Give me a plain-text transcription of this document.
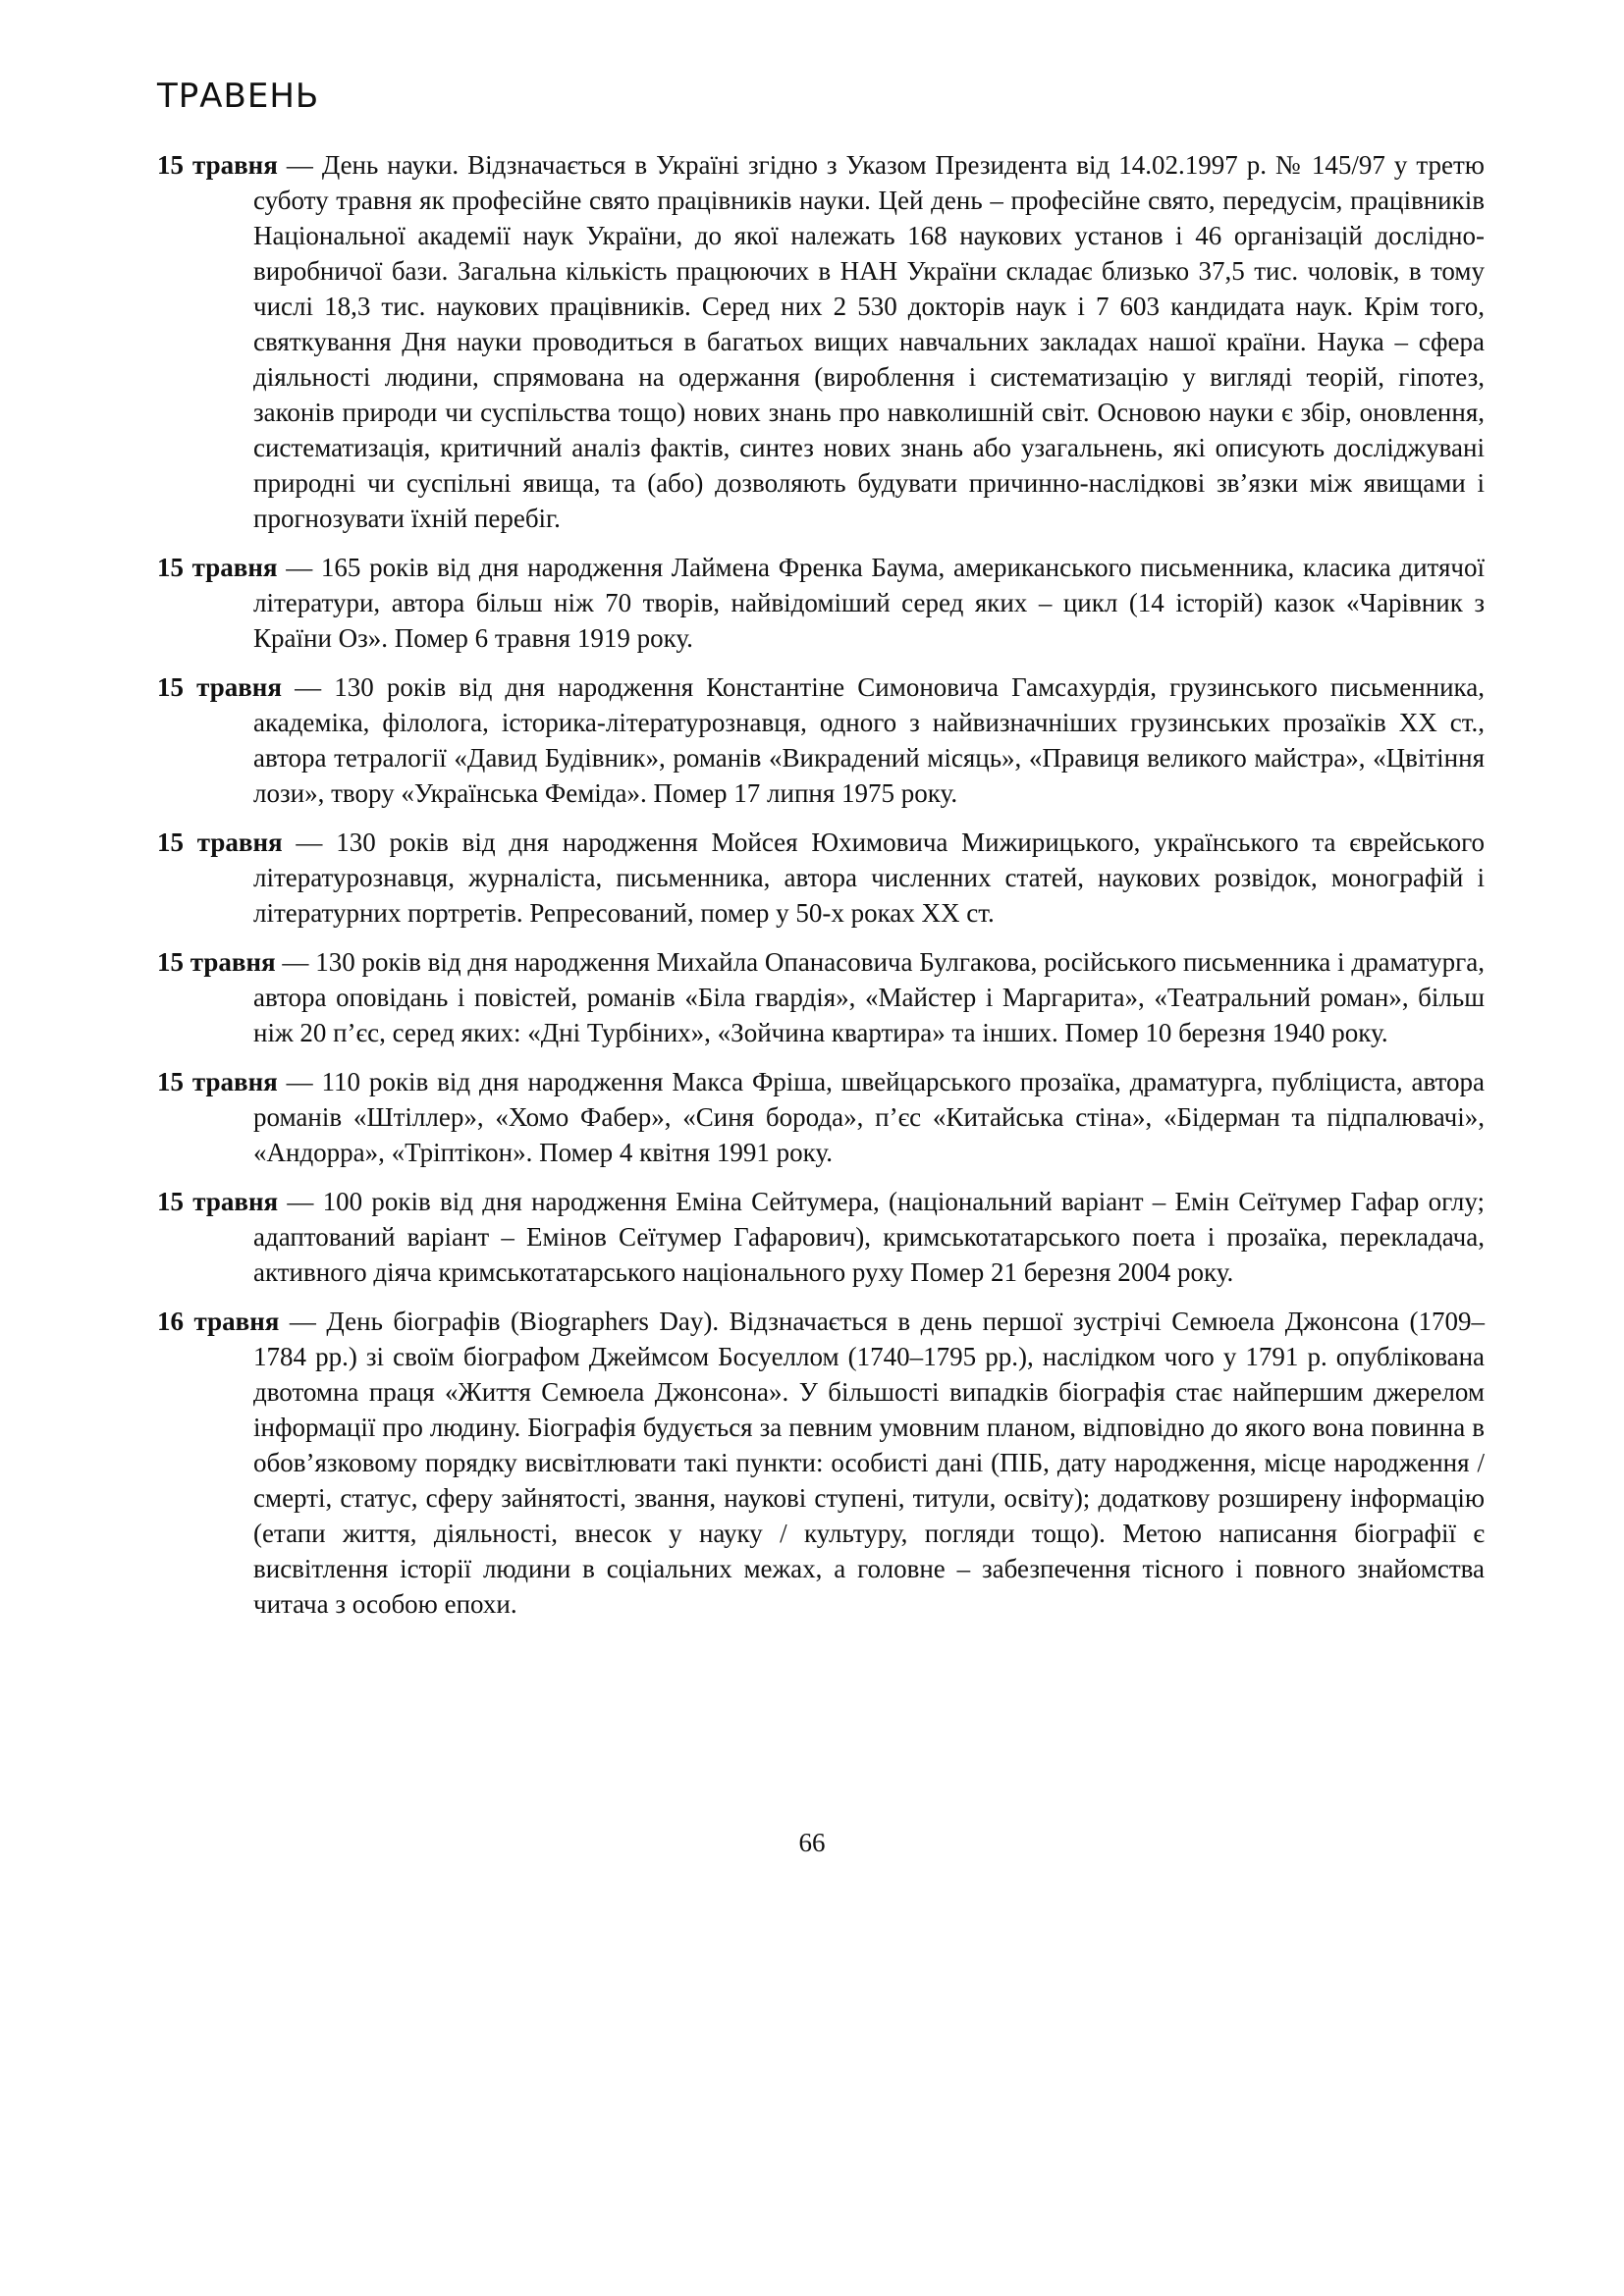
ТРАВЕНЬ

15 травня — День науки. Відзначається в Україні згідно з Указом Президента від 14.02.1997 р. № 145/97 у третю суботу травня як професійне свято працівників науки. Цей день – професійне свято, передусім, працівників Національної академії наук України, до якої належать 168 наукових установ і 46 організацій дослідно-виробничої бази. Загальна кількість працюючих в НАН України складає близько 37,5 тис. чоловік, в тому числі 18,3 тис. наукових працівників. Серед них 2 530 докторів наук і 7 603 кандидата наук. Крім того, святкування Дня науки проводиться в багатьох вищих навчальних закладах нашої країни. Наука – сфера діяльності людини, спрямована на одержання (вироблення і систематизацію у вигляді теорій, гіпотез, законів природи чи суспільства тощо) нових знань про навколишній світ. Основою науки є збір, оновлення, систематизація, критичний аналіз фактів, синтез нових знань або узагальнень, які описують досліджувані природні чи суспільні явища, та (або) дозволяють будувати причинно-наслідкові зв’язки між явищами і прогнозувати їхній перебіг.

15 травня — 165 років від дня народження Лаймена Френка Баума, американського письменника, класика дитячої літератури, автора більш ніж 70 творів, найвідоміший серед яких – цикл (14 історій) казок «Чарівник з Країни Оз». Помер 6 травня 1919 року.

15 травня — 130 років від дня народження Константіне Симоновича Гамсахурдія, грузинського письменника, академіка, філолога, історика-літературознавця, одного з найвизначніших грузинських прозаїків XX ст., автора тетралогії «Давид Будівник», романів «Викрадений місяць», «Правиця великого майстра», «Цвітіння лози», твору «Українська Феміда». Помер 17 липня 1975 року.

15 травня — 130 років від дня народження Мойсея Юхимовича Мижирицького, українського та єврейського літературознавця, журналіста, письменника, автора численних статей, наукових розвідок, монографій і літературних портретів. Репресований, помер у 50-х роках XX ст.

15 травня — 130 років від дня народження Михайла Опанасовича Булгакова, російського письменника і драматурга, автора оповідань і повістей, романів «Біла гвардія», «Майстер і Маргарита», «Театральний роман», більш ніж 20 п’єс, серед яких: «Дні Турбіних», «Зойчина квартира» та інших. Помер 10 березня 1940 року.

15 травня — 110 років від дня народження Макса Фріша, швейцарського прозаїка, драматурга, публіциста, автора романів «Штіллер», «Хомо Фабер», «Синя борода», п’єс «Китайська стіна», «Бідерман та підпалювачі», «Андорра», «Тріптікон». Помер 4 квітня 1991 року.

15 травня — 100 років від дня народження Еміна Сейтумера, (національний варіант – Емін Сеїтумер Гафар оглу; адаптований варіант – Емінов Сеїтумер Гафарович), кримськотатарського поета і прозаїка, перекладача, активного діяча кримськотатарського національного руху Помер 21 березня 2004 року.

16 травня — День біографів (Biographers Day). Відзначається в день першої зустрічі Семюела Джонсона (1709–1784 рр.) зі своїм біографом Джеймсом Босуеллом (1740–1795 рр.), наслідком чого у 1791 р. опублікована двотомна праця «Життя Семюела Джонсона». У більшості випадків біографія стає найпершим джерелом інформації про людину. Біографія будується за певним умовним планом, відповідно до якого вона повинна в обов’язковому порядку висвітлювати такі пункти: особисті дані (ПІБ, дату народження, місце народження / смерті, статус, сферу зайнятості, звання, наукові ступені, титули, освіту); додаткову розширену інформацію (етапи життя, діяльності, внесок у науку / культуру, погляди тощо). Метою написання біографії є висвітлення історії людини в соціальних межах, а головне – забезпечення тісного і повного знайомства читача з особою епохи.

66
